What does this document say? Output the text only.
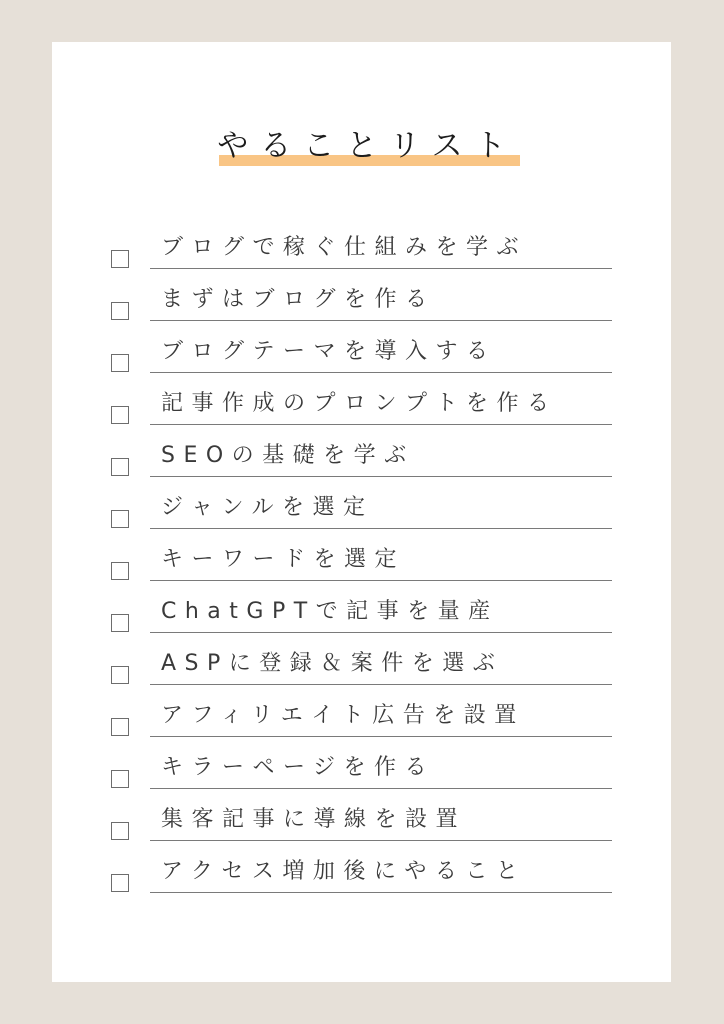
やることリスト
ブログで稼ぐ仕組みを学ぶ
まずはブログを作る
ブログテーマを導入する
記事作成のプロンプトを作る
SEOの基礎を学ぶ
ジャンルを選定
キーワードを選定
ChatGPTで記事を量産
ASPに登録＆案件を選ぶ
アフィリエイト広告を設置
キラーページを作る
集客記事に導線を設置
アクセス増加後にやること
